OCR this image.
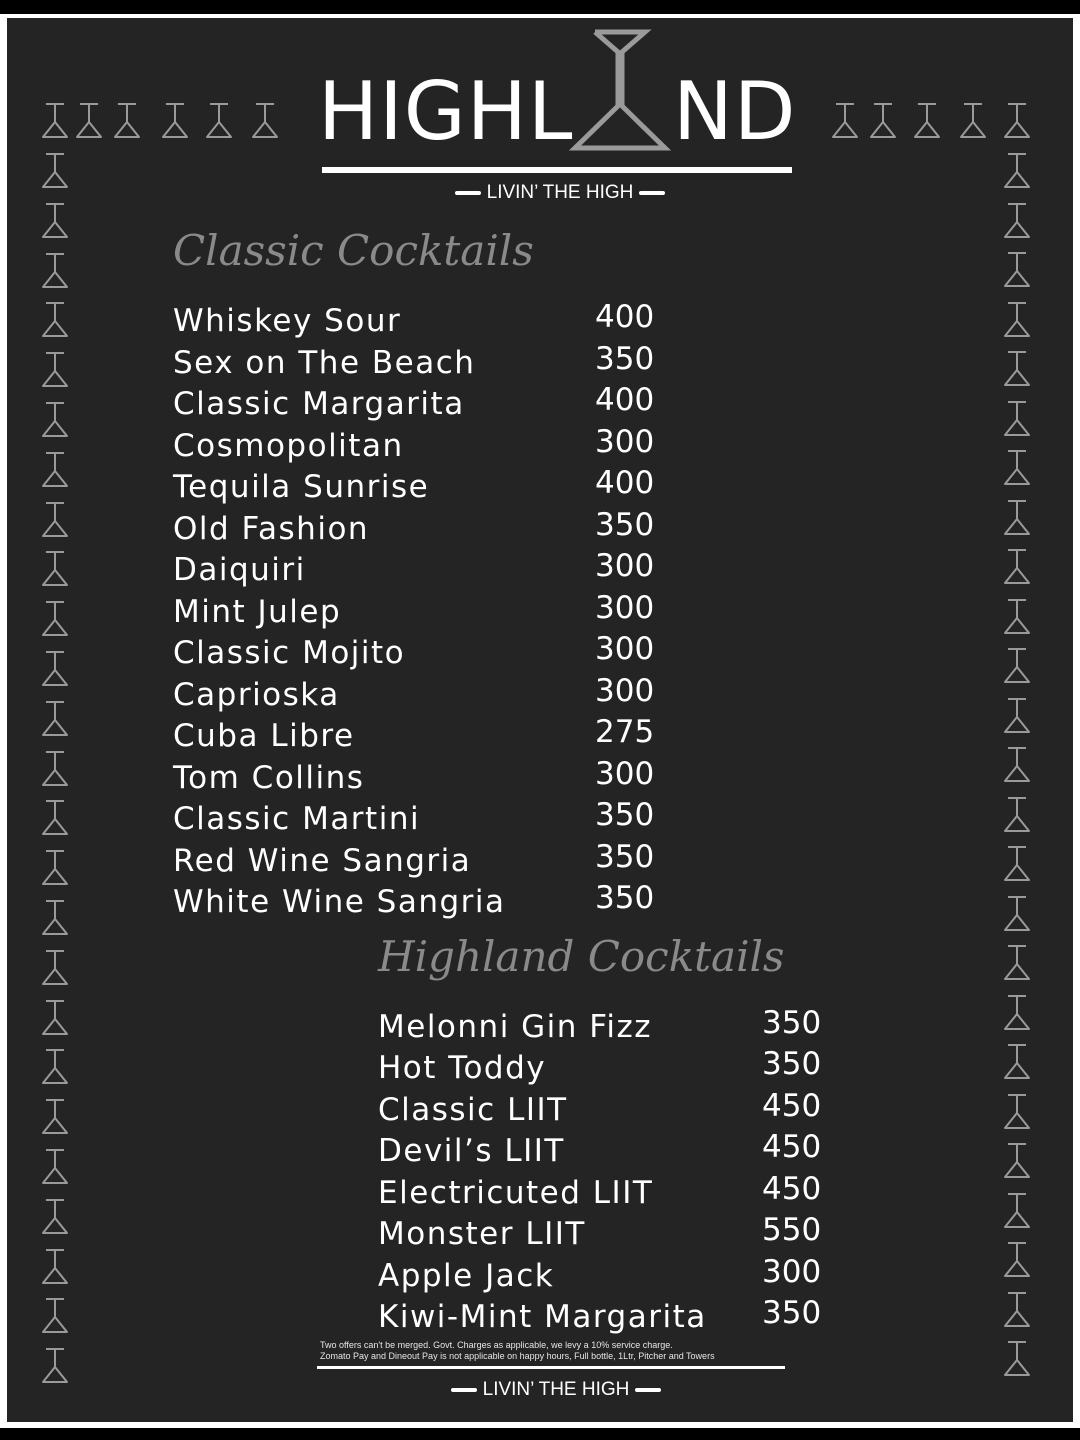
HIGHL ND
LIVIN’ THE HIGH
Classic Cocktails
Whiskey Sour	400
Sex on The Beach	350
Classic Margarita	400
Cosmopolitan	300
Tequila Sunrise	400
Old Fashion	350
Daiquiri	300
Mint Julep	300
Classic Mojito	300
Caprioska	300
Cuba Libre	275
Tom Collins	300
Classic Martini	350
Red Wine Sangria	350
White Wine Sangria	350
Highland Cocktails
Melonni Gin Fizz	350
Hot Toddy	350
Classic LIIT	450
Devil’s LIIT	450
Electricuted LIIT	450
Monster LIIT	550
Apple Jack	300
Kiwi-Mint Margarita 350
Two offers can't be merged. Govt. Charges as applicable, we levy a 10% service charge.
Zomato Pay and Dineout Pay is not applicable on happy hours, Full bottle, 1Ltr, Pitcher and Towers
LIVIN’ THE HIGH
